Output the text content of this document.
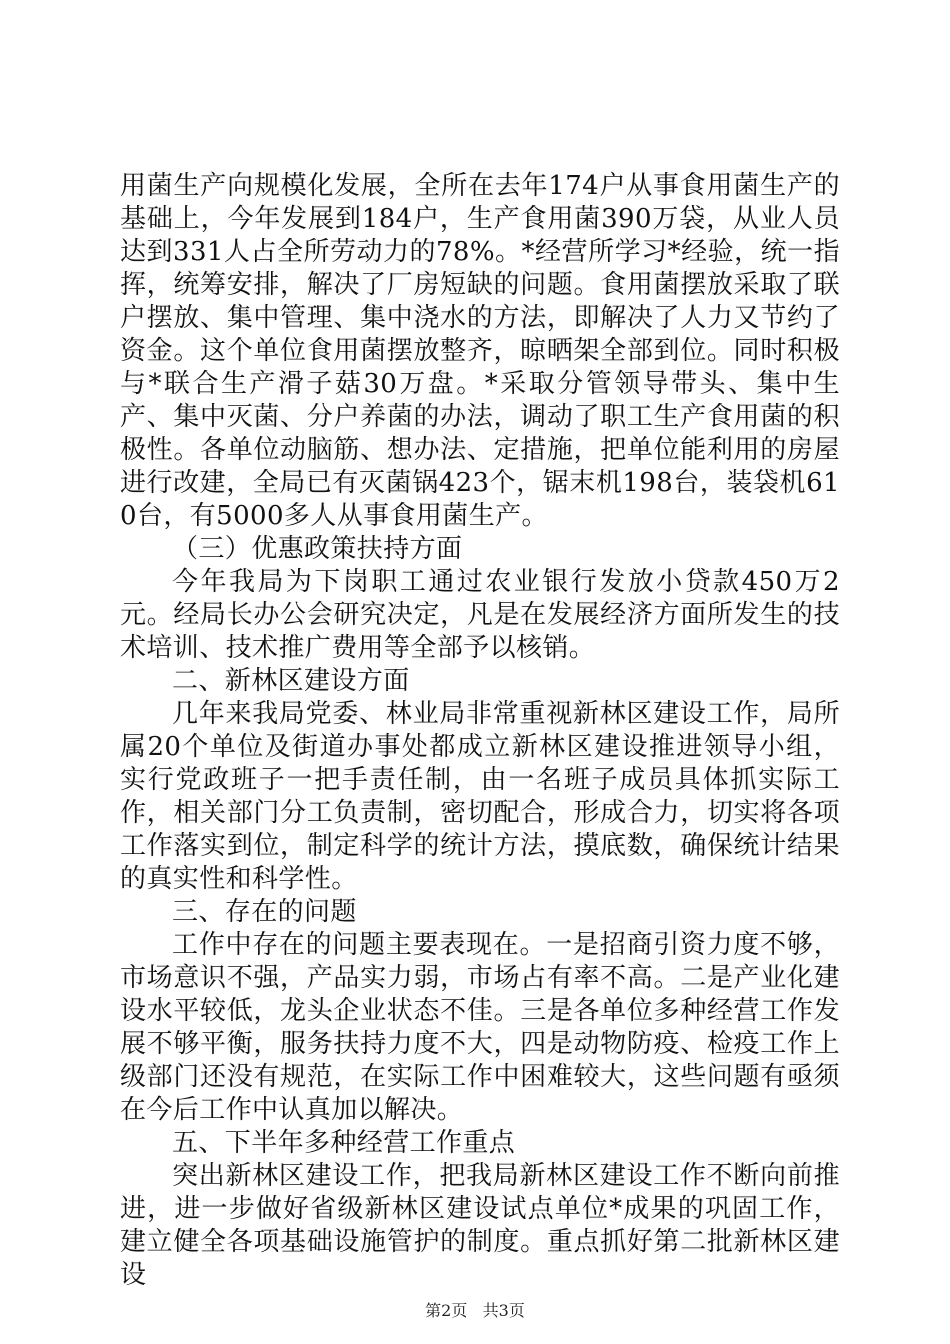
用菌生产向规模化发展，全所在去年174户从事食用菌生产的基础上，今年发展到184户，生产食用菌390万袋，从业人员达到331人占全所劳动力的78%。*经营所学习*经验，统一指挥，统筹安排，解决了厂房短缺的问题。食用菌摆放采取了联户摆放、集中管理、集中浇水的方法，即解决了人力又节约了资金。这个单位食用菌摆放整齐，晾晒架全部到位。同时积极与*联合生产滑子菇30万盘。*采取分管领导带头、集中生产、集中灭菌、分户养菌的办法，调动了职工生产食用菌的积极性。各单位动脑筋、想办法、定措施，把单位能利用的房屋进行改建，全局已有灭菌锅423个，锯末机198台，装袋机610台，有5000多人从事食用菌生产。

（三）优惠政策扶持方面

今年我局为下岗职工通过农业银行发放小贷款450万2元。经局长办公会研究决定，凡是在发展经济方面所发生的技术培训、技术推广费用等全部予以核销。

二、新林区建设方面

几年来我局党委、林业局非常重视新林区建设工作，局所属20个单位及街道办事处都成立新林区建设推进领导小组，实行党政班子一把手责任制，由一名班子成员具体抓实际工作，相关部门分工负责制，密切配合，形成合力，切实将各项工作落实到位，制定科学的统计方法，摸底数，确保统计结果的真实性和科学性。

三、存在的问题

工作中存在的问题主要表现在。一是招商引资力度不够，市场意识不强，产品实力弱，市场占有率不高。二是产业化建设水平较低，龙头企业状态不佳。三是各单位多种经营工作发展不够平衡，服务扶持力度不大，四是动物防疫、检疫工作上级部门还没有规范，在实际工作中困难较大，这些问题有亟须在今后工作中认真加以解决。

五、下半年多种经营工作重点

突出新林区建设工作，把我局新林区建设工作不断向前推进，进一步做好省级新林区建设试点单位*成果的巩固工作，建立健全各项基础设施管护的制度。重点抓好第二批新林区建设

第2页 共3页
